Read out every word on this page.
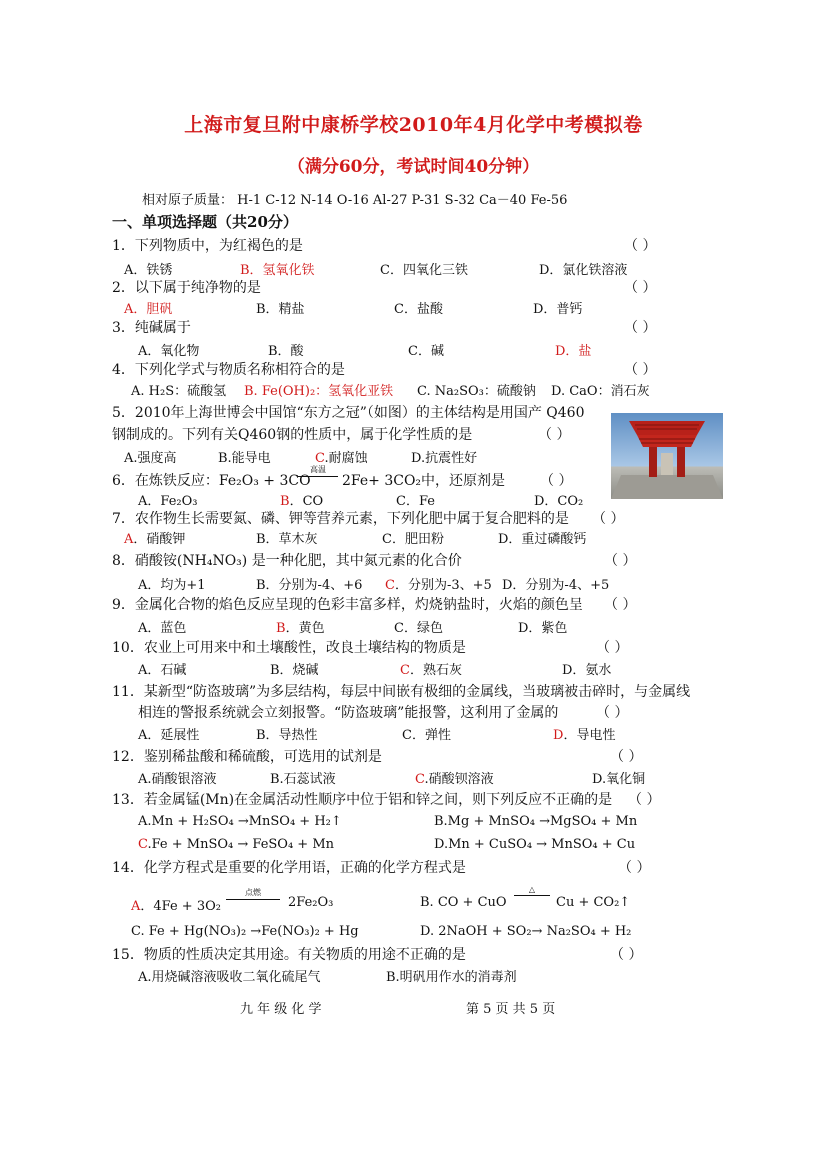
上海市复旦附中康桥学校2010年4月化学中考模拟卷
（满分60分，考试时间40分钟）
相对原子质量： H-1 C-12 N-14 O-16 Al-27 P-31 S-32 Ca－40 Fe-56
一、单项选择题（共20分）
1．下列物质中，为红褐色的是	（ ）
A．铁锈	B．氢氧化铁	C．四氧化三铁	D．氯化铁溶液
2．以下属于纯净物的是	（ ）
A．胆矾	B．精盐	C．盐酸	D．普钙
3．纯碱属于	（ ）
A．氧化物	B．酸	C．碱	D．盐
4．下列化学式与物质名称相符合的是	（ ）
A. H₂S：硫酸氢 B. Fe(OH)₂：氢氧化亚铁 C. Na₂SO₃：硫酸钠 D. CaO：消石灰
5．2010年上海世博会中国馆“东方之冠”（如图）的主体结构是用国产 Q460
钢制成的。下列有关Q460钢的性质中，属于化学性质的是	（ ）
A.强度高	B.能导电	C.耐腐蚀	D.抗震性好
6．在炼铁反应：Fe₂O₃ + 3CO
高温
2Fe+ 3CO₂中，还原剂是 （ ）
A．Fe₂O₃	B．CO	C．Fe	D．CO₂
7．农作物生长需要氮、磷、钾等营养元素，下列化肥中属于复合肥料的是 （ ）
A．硝酸钾	B．草木灰	C．肥田粉	D．重过磷酸钙
8．硝酸铵(NH₄NO₃) 是一种化肥，其中氮元素的化合价	（ ）
A．均为+1	B．分别为-4、+6 C．分别为-3、+5 D．分别为-4、+5
9．金属化合物的焰色反应呈现的色彩丰富多样，灼烧钠盐时，火焰的颜色呈 （ ）
A．蓝色	B．黄色	C．绿色	D．紫色
10．农业上可用来中和土壤酸性，改良土壤结构的物质是	（ ）
A．石碱	B．烧碱	C．熟石灰	D．氨水
11．某新型“防盗玻璃”为多层结构，每层中间嵌有极细的金属线，当玻璃被击碎时，与金属线
相连的警报系统就会立刻报警。“防盗玻璃”能报警，这利用了金属的	（ ）
A．延展性	B．导热性	C．弹性	D．导电性
12．鉴别稀盐酸和稀硫酸，可选用的试剂是	（ ）
A.硝酸银溶液	B.石蕊试液	C.硝酸钡溶液	D.氧化铜
13．若金属锰(Mn)在金属活动性顺序中位于铝和锌之间，则下列反应不正确的是 （ ）
A.Mn + H₂SO₄ →MnSO₄ + H₂↑	B.Mg + MnSO₄ →MgSO₄ + Mn
C.Fe + MnSO₄ → FeSO₄ + Mn	D.Mn + CuSO₄ → MnSO₄ + Cu
14．化学方程式是重要的化学用语，正确的化学方程式是	（ ）
A．4Fe + 3O₂
点燃
2Fe₂O₃	B. CO + CuO
△
Cu + CO₂↑
C. Fe + Hg(NO₃)₂ →Fe(NO₃)₂ + Hg	D. 2NaOH + SO₂→ Na₂SO₄ + H₂
15．物质的性质决定其用途。有关物质的用途不正确的是	（ ）
A.用烧碱溶液吸收二氧化硫尾气	B.明矾用作水的消毒剂
九 年 级 化 学	第 5 页 共 5 页
